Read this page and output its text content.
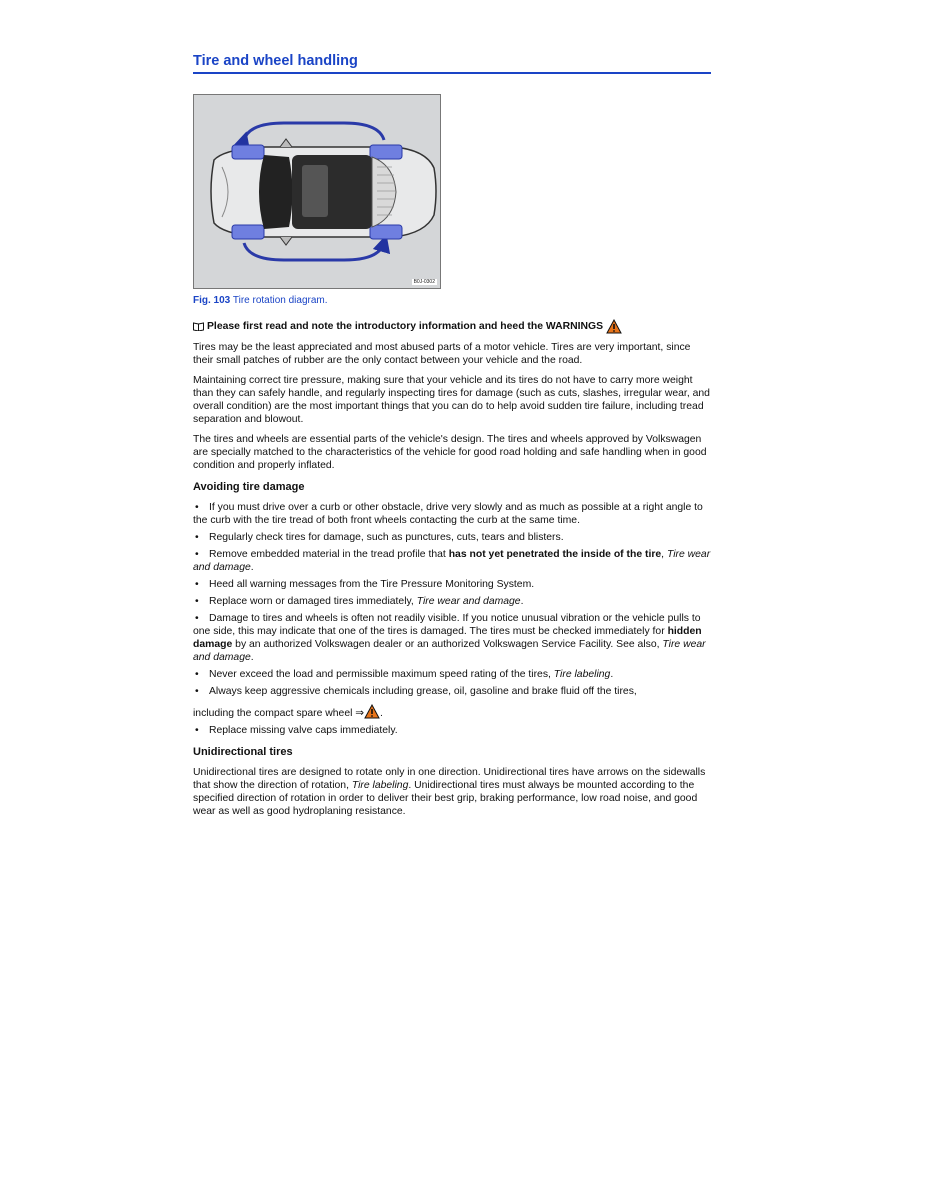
Tire and wheel handling
B0J-0302
Fig. 103 Tire rotation diagram.
Please first read and note the introductory information and heed the WARNINGS

Tires may be the least appreciated and most abused parts of a motor vehicle. Tires are very important, since their small patches of rubber are the only contact between your vehicle and the road.

Maintaining correct tire pressure, making sure that your vehicle and its tires do not have to carry more weight than they can safely handle, and regularly inspecting tires for damage (such as cuts, slashes, irregular wear, and overall condition) are the most important things that you can do to help avoid sudden tire failure, including tread separation and blowout.

The tires and wheels are essential parts of the vehicle's design. The tires and wheels approved by Volkswagen are specially matched to the characteristics of the vehicle for good road holding and safe handling when in good condition and properly inflated.

Avoiding tire damage
• If you must drive over a curb or other obstacle, drive very slowly and as much as possible at a right angle to the curb with the tire tread of both front wheels contacting the curb at the same time.
• Regularly check tires for damage, such as punctures, cuts, tears and blisters.
• Remove embedded material in the tread profile that has not yet penetrated the inside of the tire, Tire wear and damage.
• Heed all warning messages from the Tire Pressure Monitoring System.
• Replace worn or damaged tires immediately, Tire wear and damage.
• Damage to tires and wheels is often not readily visible. If you notice unusual vibration or the vehicle pulls to one side, this may indicate that one of the tires is damaged. The tires must be checked immediately for hidden damage by an authorized Volkswagen dealer or an authorized Volkswagen Service Facility. See also, Tire wear and damage.
• Never exceed the load and permissible maximum speed rating of the tires, Tire labeling.
• Always keep aggressive chemicals including grease, oil, gasoline and brake fluid off the tires,
including the compact spare wheel ⇒ .
• Replace missing valve caps immediately.
Unidirectional tires

Unidirectional tires are designed to rotate only in one direction. Unidirectional tires have arrows on the sidewalls that show the direction of rotation, Tire labeling. Unidirectional tires must always be mounted according to the specified direction of rotation in order to deliver their best grip, braking performance, low road noise, and good wear as well as good hydroplaning resistance.
